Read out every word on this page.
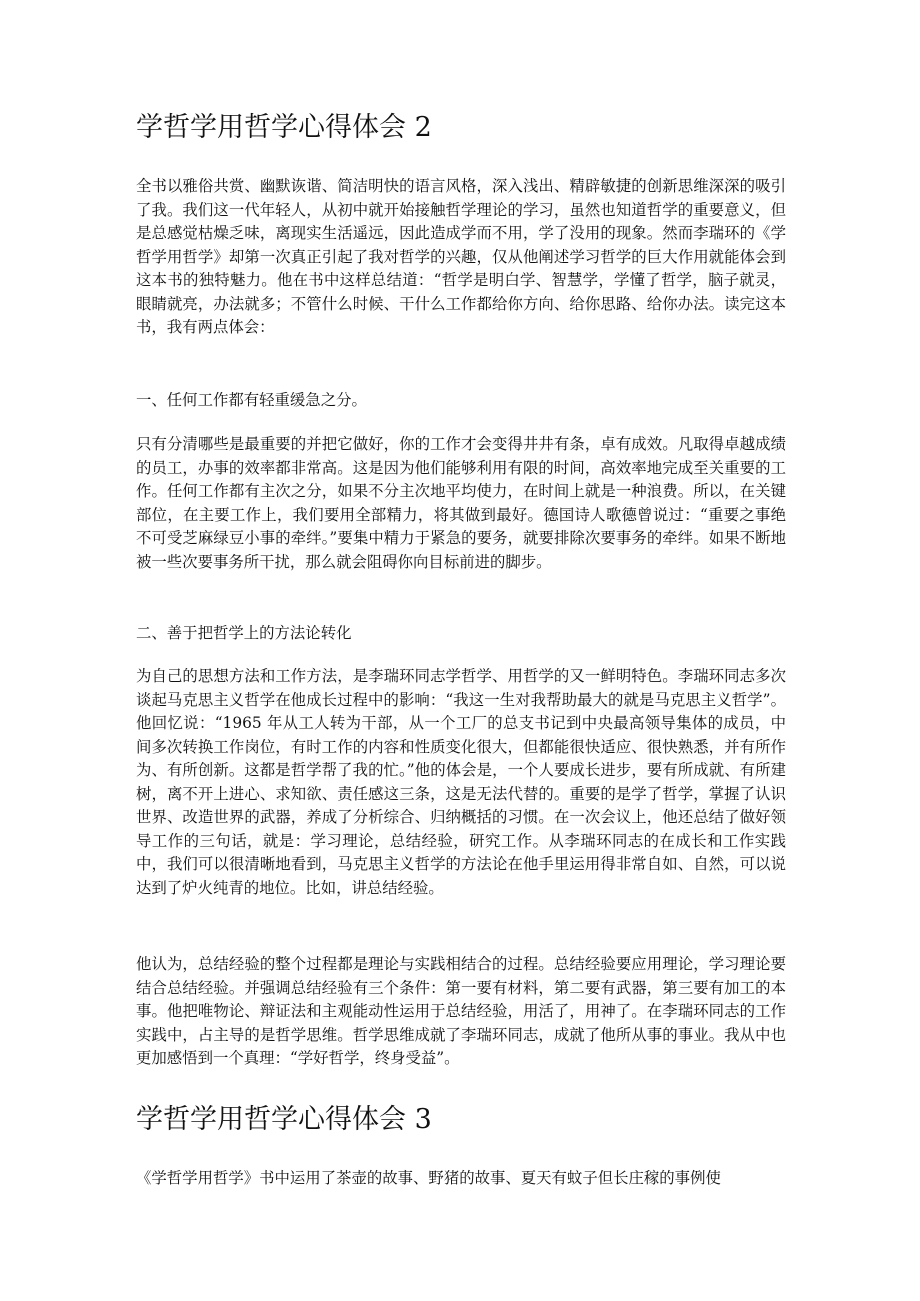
学哲学用哲学心得体会 2

全书以雅俗共赏、幽默诙谐、简洁明快的语言风格，深入浅出、精辟敏捷的创新思维深深的吸引了我。我们这一代年轻人，从初中就开始接触哲学理论的学习，虽然也知道哲学的重要意义，但是总感觉枯燥乏味，离现实生活遥远，因此造成学而不用，学了没用的现象。然而李瑞环的《学哲学用哲学》却第一次真正引起了我对哲学的兴趣，仅从他阐述学习哲学的巨大作用就能体会到这本书的独特魅力。他在书中这样总结道：“哲学是明白学、智慧学，学懂了哲学，脑子就灵，眼睛就亮，办法就多；不管什么时候、干什么工作都给你方向、给你思路、给你办法。读完这本书，我有两点体会：

一、任何工作都有轻重缓急之分。

只有分清哪些是最重要的并把它做好，你的工作才会变得井井有条，卓有成效。凡取得卓越成绩的员工，办事的效率都非常高。这是因为他们能够利用有限的时间，高效率地完成至关重要的工作。任何工作都有主次之分，如果不分主次地平均使力，在时间上就是一种浪费。所以，在关键部位，在主要工作上，我们要用全部精力，将其做到最好。德国诗人歌德曾说过：“重要之事绝不可受芝麻绿豆小事的牵绊。”要集中精力于紧急的要务，就要排除次要事务的牵绊。如果不断地被一些次要事务所干扰，那么就会阻碍你向目标前进的脚步。

二、善于把哲学上的方法论转化

为自己的思想方法和工作方法，是李瑞环同志学哲学、用哲学的又一鲜明特色。李瑞环同志多次谈起马克思主义哲学在他成长过程中的影响：“我这一生对我帮助最大的就是马克思主义哲学”。他回忆说：“1965 年从工人转为干部，从一个工厂的总支书记到中央最高领导集体的成员，中间多次转换工作岗位，有时工作的内容和性质变化很大，但都能很快适应、很快熟悉，并有所作为、有所创新。这都是哲学帮了我的忙。”他的体会是，一个人要成长进步，要有所成就、有所建树，离不开上进心、求知欲、责任感这三条，这是无法代替的。重要的是学了哲学，掌握了认识世界、改造世界的武器，养成了分析综合、归纳概括的习惯。在一次会议上，他还总结了做好领导工作的三句话，就是：学习理论，总结经验，研究工作。从李瑞环同志的在成长和工作实践中，我们可以很清晰地看到，马克思主义哲学的方法论在他手里运用得非常自如、自然，可以说达到了炉火纯青的地位。比如，讲总结经验。

他认为，总结经验的整个过程都是理论与实践相结合的过程。总结经验要应用理论，学习理论要结合总结经验。并强调总结经验有三个条件：第一要有材料，第二要有武器，第三要有加工的本事。他把唯物论、辩证法和主观能动性运用于总结经验，用活了，用神了。在李瑞环同志的工作实践中，占主导的是哲学思维。哲学思维成就了李瑞环同志，成就了他所从事的事业。我从中也更加感悟到一个真理：“学好哲学，终身受益”。

学哲学用哲学心得体会 3

《学哲学用哲学》书中运用了茶壶的故事、野猪的故事、夏天有蚊子但长庄稼的事例使
